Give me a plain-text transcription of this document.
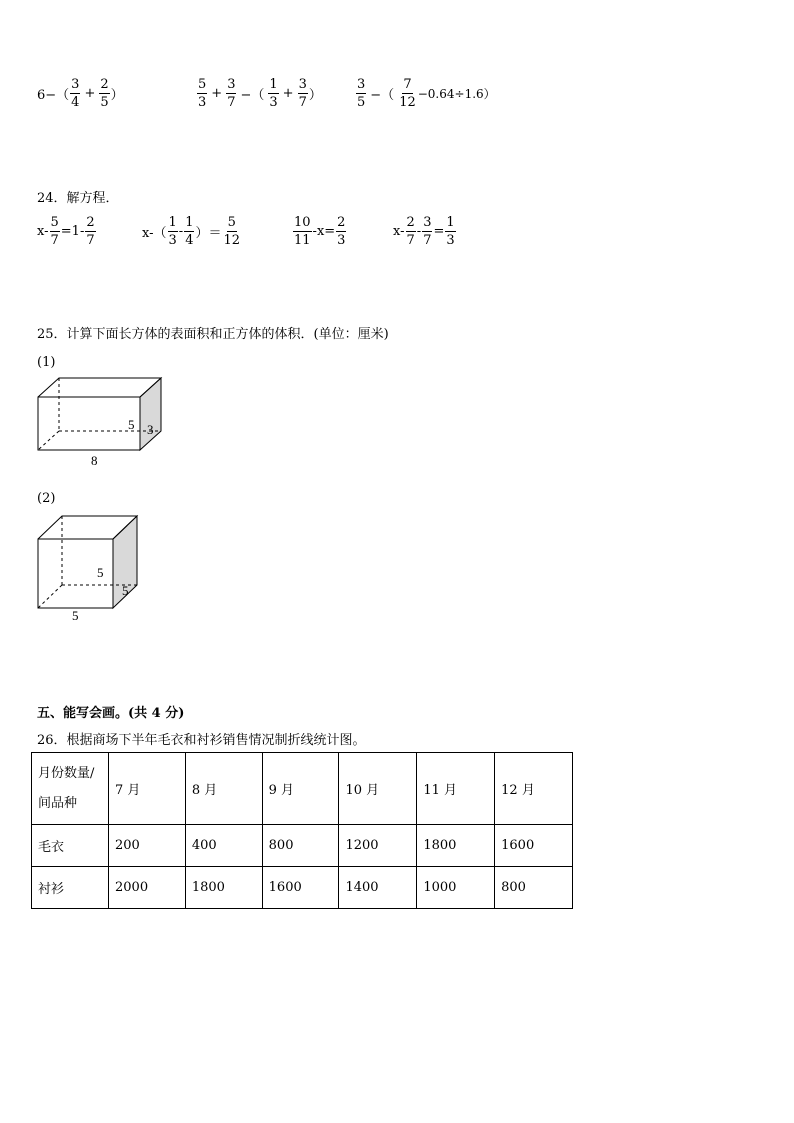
$6-( \frac{3}{4} + \frac{2}{5}$ ）	$\frac{5}{3} + \frac{3}{7}$ −（ $\frac{1}{3} + \frac{3}{7}$ ）	$\frac{3}{5}$ −（ $\frac{7}{12} -0.64\div 1.6$）
24．解方程．
$x- \frac{5}{7} =1- \frac{2}{7}$	$x-( \frac{1}{3} - \frac{1}{4}$ ）＝ $\frac{5}{12}$	$\frac{10}{11} -x= \frac{2}{3}$	$x- \frac{2}{7} - \frac{3}{7} = \frac{1}{3}$
25．计算下面长方体的表面积和正方体的体积．(单位：厘米)
(1)
5 3
8
(2)
5
5
5
五、能写会画。(共 4 分)
26．根据商场下半年毛衣和衬衫销售情况制折线统计图。
月份数量/
间品种	7 月	8 月	9 月	10 月	11 月	12 月
毛衣	200	400	800	1200	1800	1600
衬衫	2000	1800	1600	1400	1000	800
